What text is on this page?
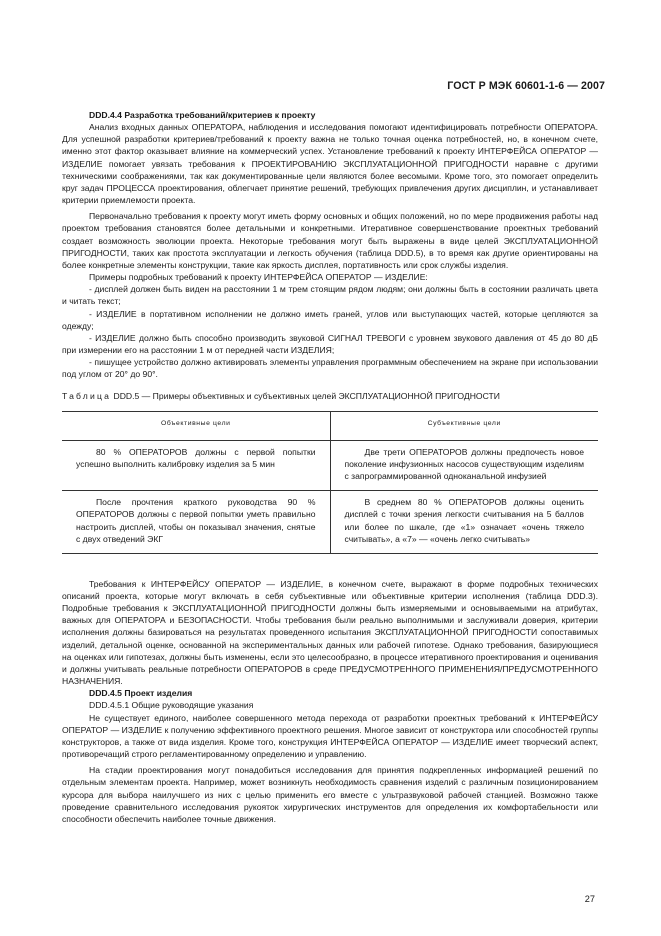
ГОСТ Р МЭК 60601-1-6 — 2007

DDD.4.4 Разработка требований/критериев к проекту

Анализ входных данных ОПЕРАТОРА, наблюдения и исследования помогают идентифицировать потребности ОПЕРАТОРА. Для успешной разработки критериев/требований к проекту важна не только точная оценка потребностей, но, в конечном счете, именно этот фактор оказывает влияние на коммерческий успех. Установление требований к проекту ИНТЕРФЕЙСА ОПЕРАТОР — ИЗДЕЛИЕ помогает увязать требования к ПРОЕКТИРОВАНИЮ ЭКСПЛУАТАЦИОННОЙ ПРИГОДНОСТИ наравне с другими техническими соображениями, так как документированные цели являются более весомыми. Кроме того, это помогает определить круг задач ПРОЦЕССА проектирования, облегчает принятие решений, требующих привлечения других дисциплин, и устанавливает критерии приемлемости проекта.

Первоначально требования к проекту могут иметь форму основных и общих положений, но по мере продвижения работы над проектом требования становятся более детальными и конкретными. Итеративное совершенствование проектных требований создает возможность эволюции проекта. Некоторые требования могут быть выражены в виде целей ЭКСПЛУАТАЦИОННОЙ ПРИГОДНОСТИ, таких как простота эксплуатации и легкость обучения (таблица DDD.5), в то время как другие ориентированы на более конкретные элементы конструкции, такие как яркость дисплея, портативность или срок службы изделия.

Примеры подробных требований к проекту ИНТЕРФЕЙСА ОПЕРАТОР — ИЗДЕЛИЕ:

- дисплей должен быть виден на расстоянии 1 м трем стоящим рядом людям; они должны быть в состоянии различать цвета и читать текст;

- ИЗДЕЛИЕ в портативном исполнении не должно иметь граней, углов или выступающих частей, которые цепляются за одежду;

- ИЗДЕЛИЕ должно быть способно производить звуковой СИГНАЛ ТРЕВОГИ с уровнем звукового давления от 45 до 80 дБ при измерении его на расстоянии 1 м от передней части ИЗДЕЛИЯ;

- пишущее устройство должно активировать элементы управления программным обеспечением на экране при использовании под углом от 20° до 90°.

Таблица DDD.5 — Примеры объективных и субъективных целей ЭКСПЛУАТАЦИОННОЙ ПРИГОДНОСТИ

Объективные цели	Субъективные цели

80 % ОПЕРАТОРОВ должны с первой попытки успешно выполнить калибровку изделия за 5 мин	Две трети ОПЕРАТОРОВ должны предпочесть новое поколение инфузионных насосов существующим изделиям с запрограммированной одноканальной инфузией

После прочтения краткого руководства 90 % ОПЕРАТОРОВ должны с первой попытки уметь правильно настроить дисплей, чтобы он показывал значения, снятые с двух отведений ЭКГ	В среднем 80 % ОПЕРАТОРОВ должны оценить дисплей с точки зрения легкости считывания на 5 баллов или более по шкале, где «1» означает «очень тяжело считывать», а «7» — «очень легко считывать»

Требования к ИНТЕРФЕЙСУ ОПЕРАТОР — ИЗДЕЛИЕ, в конечном счете, выражают в форме подробных технических описаний проекта, которые могут включать в себя субъективные или объективные критерии исполнения (таблица DDD.3). Подробные требования к ЭКСПЛУАТАЦИОННОЙ ПРИГОДНОСТИ должны быть измеряемыми и основываемыми на атрибутах, важных для ОПЕРАТОРА и БЕЗОПАСНОСТИ. Чтобы требования были реально выполнимыми и заслуживали доверия, критерии исполнения должны базироваться на результатах проведенного испытания ЭКСПЛУАТАЦИОННОЙ ПРИГОДНОСТИ сопоставимых изделий, детальной оценке, основанной на экспериментальных данных или рабочей гипотезе. Однако требования, базирующиеся на оценках или гипотезах, должны быть изменены, если это целесообразно, в процессе итеративного проектирования и оценивания и должны учитывать реальные потребности ОПЕРАТОРОВ в среде ПРЕДУСМОТРЕННОГО ПРИМЕНЕНИЯ/ПРЕДУСМОТРЕННОГО НАЗНАЧЕНИЯ.

DDD.4.5 Проект изделия

DDD.4.5.1 Общие руководящие указания

Не существует единого, наиболее совершенного метода перехода от разработки проектных требований к ИНТЕРФЕЙСУ ОПЕРАТОР — ИЗДЕЛИЕ к получению эффективного проектного решения. Многое зависит от конструктора или способностей группы конструкторов, а также от вида изделия. Кроме того, конструкция ИНТЕРФЕЙСА ОПЕРАТОР — ИЗДЕЛИЕ имеет творческий аспект, противоречащий строго регламентированному определению и управлению.

На стадии проектирования могут понадобиться исследования для принятия подкрепленных информацией решений по отдельным элементам проекта. Например, может возникнуть необходимость сравнения изделий с различным позиционированием курсора для выбора наилучшего из них с целью применить его вместе с ультразвуковой рабочей станцией. Возможно также проведение сравнительного исследования рукояток хирургических инструментов для определения их комфортабельности или способности обеспечить наиболее точные движения.

27
